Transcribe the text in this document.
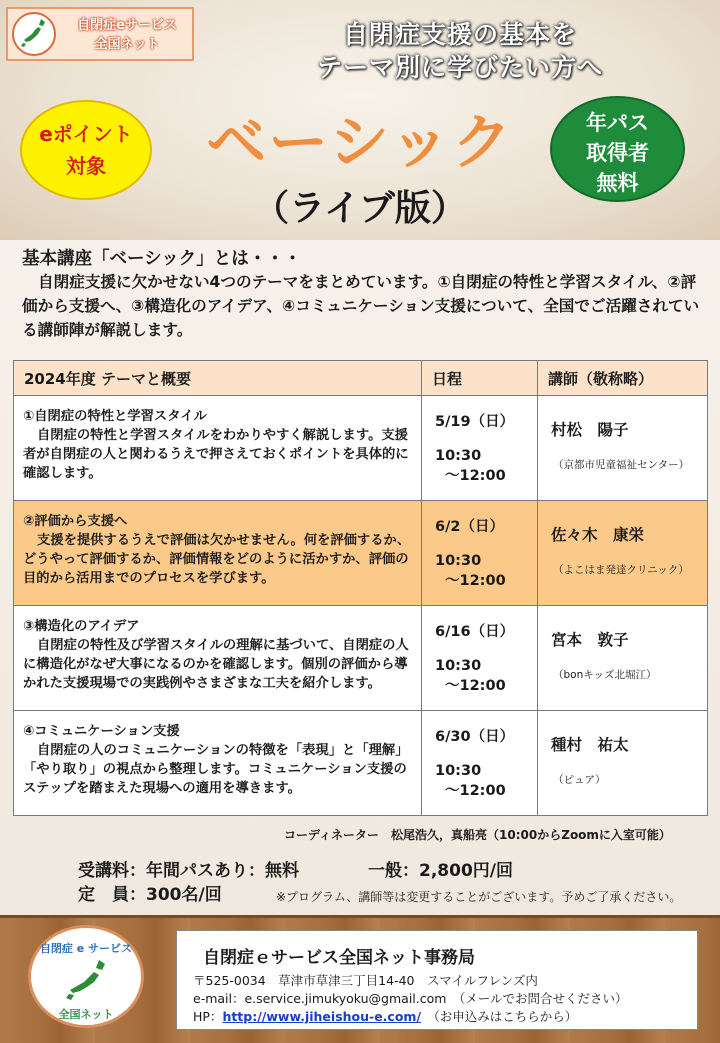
自閉症eサービス
全国ネット	自閉症支援の基本を
テーマ別に学びたい方へ
eポイント
対象	ベーシック
（ライブ版）
年パス
取得者
無料
基本講座「ベーシック」とは・・・
自閉症支援に欠かせない4つのテーマをまとめています。①自閉症の特性と学習スタイル、②評価から支援へ、③構造化のアイデア、④コミュニケーション支援について、全国でご活躍されている講師陣が解説します。
2024年度 テーマと概要	日程	講師（敬称略）

①自閉症の特性と学習スタイル
自閉症の特性と学習スタイルをわかりやすく解説します。支援者が自閉症の人と関わるうえで押さえておくポイントを具体的に確認します。	5/19（日）
10:30
～12:00	村松　陽子
（京都市児童福祉センター）

②評価から支援へ
支援を提供するうえで評価は欠かせません。何を評価するか、どうやって評価するか、評価情報をどのように活かすか、評価の目的から活用までのプロセスを学びます。	6/2（日）
10:30
～12:00	佐々木　康栄
（よこはま発達クリニック）

③構造化のアイデア
自閉症の特性及び学習スタイルの理解に基づいて、自閉症の人に構造化がなぜ大事になるのかを確認します。個別の評価から導かれた支援現場での実践例やさまざまな工夫を紹介します。	6/16（日）
10:30
～12:00	宮本　敦子
（bonキッズ北堀江）

④コミュニケーション支援
自閉症の人のコミュニケーションの特徴を「表現」と「理解」「やり取り」の視点から整理します。コミュニケーション支援のステップを踏まえた現場への適用を導きます。	6/30（日）
10:30
～12:00	種村　祐太
（ピュア）
コーディネーター　松尾浩久，真船亮（10:00からZoomに入室可能）
受講料：年間パスあり：無料	一般：2,800円/回
定　員：300名/回	※プログラム、講師等は変更することがございます。予めご了承ください。
自閉症 e サービス
全国ネット
自閉症ｅサービス全国ネット事務局
〒525-0034　草津市草津三丁目14-40　スマイルフレンズ内
e-mail：e.service.jimukyoku@gmail.com　 （メールでお問合せください）
HP：http://www.jiheishou-e.com/　 （お申込みはこちらから）
